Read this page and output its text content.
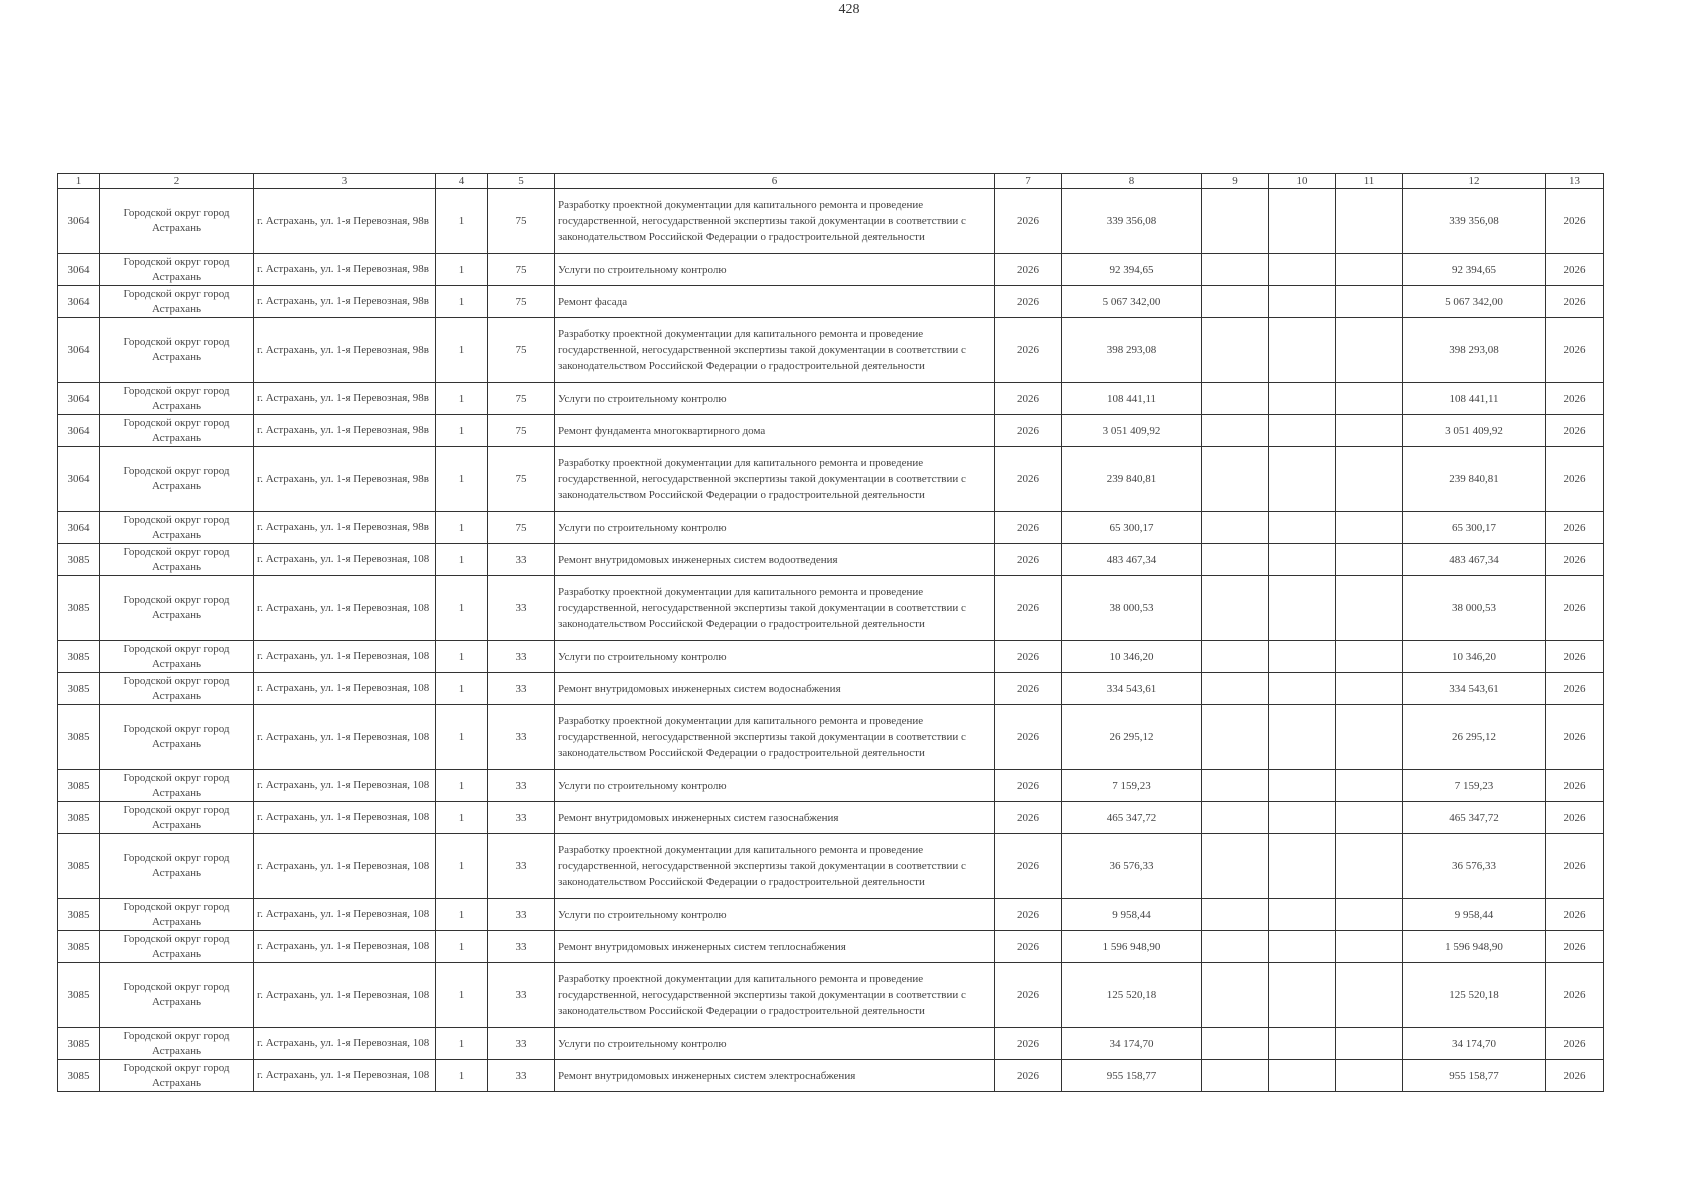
428
1	2	3	4	5	6	7	8	9	10	11	12	13
3064	Городской округ город Астрахань	г. Астрахань, ул. 1-я Перевозная, 98в	1	75	Разработку проектной документации для капитального ремонта и проведение государственной, негосударственной экспертизы такой документации в соответствии с законодательством Российской Федерации о градостроительной деятельности	2026	339 356,08				339 356,08	2026
3064	Городской округ город Астрахань	г. Астрахань, ул. 1-я Перевозная, 98в	1	75	Услуги по строительному контролю	2026	92 394,65				92 394,65	2026
3064	Городской округ город Астрахань	г. Астрахань, ул. 1-я Перевозная, 98в	1	75	Ремонт фасада	2026	5 067 342,00				5 067 342,00	2026
3064	Городской округ город Астрахань	г. Астрахань, ул. 1-я Перевозная, 98в	1	75	Разработку проектной документации для капитального ремонта и проведение государственной, негосударственной экспертизы такой документации в соответствии с законодательством Российской Федерации о градостроительной деятельности	2026	398 293,08				398 293,08	2026
3064	Городской округ город Астрахань	г. Астрахань, ул. 1-я Перевозная, 98в	1	75	Услуги по строительному контролю	2026	108 441,11				108 441,11	2026
3064	Городской округ город Астрахань	г. Астрахань, ул. 1-я Перевозная, 98в	1	75	Ремонт фундамента многоквартирного дома	2026	3 051 409,92				3 051 409,92	2026
3064	Городской округ город Астрахань	г. Астрахань, ул. 1-я Перевозная, 98в	1	75	Разработку проектной документации для капитального ремонта и проведение государственной, негосударственной экспертизы такой документации в соответствии с законодательством Российской Федерации о градостроительной деятельности	2026	239 840,81				239 840,81	2026
3064	Городской округ город Астрахань	г. Астрахань, ул. 1-я Перевозная, 98в	1	75	Услуги по строительному контролю	2026	65 300,17				65 300,17	2026
3085	Городской округ город Астрахань	г. Астрахань, ул. 1-я Перевозная, 108	1	33	Ремонт внутридомовых инженерных систем водоотведения	2026	483 467,34				483 467,34	2026
3085	Городской округ город Астрахань	г. Астрахань, ул. 1-я Перевозная, 108	1	33	Разработку проектной документации для капитального ремонта и проведение государственной, негосударственной экспертизы такой документации в соответствии с законодательством Российской Федерации о градостроительной деятельности	2026	38 000,53				38 000,53	2026
3085	Городской округ город Астрахань	г. Астрахань, ул. 1-я Перевозная, 108	1	33	Услуги по строительному контролю	2026	10 346,20				10 346,20	2026
3085	Городской округ город Астрахань	г. Астрахань, ул. 1-я Перевозная, 108	1	33	Ремонт внутридомовых инженерных систем водоснабжения	2026	334 543,61				334 543,61	2026
3085	Городской округ город Астрахань	г. Астрахань, ул. 1-я Перевозная, 108	1	33	Разработку проектной документации для капитального ремонта и проведение государственной, негосударственной экспертизы такой документации в соответствии с законодательством Российской Федерации о градостроительной деятельности	2026	26 295,12				26 295,12	2026
3085	Городской округ город Астрахань	г. Астрахань, ул. 1-я Перевозная, 108	1	33	Услуги по строительному контролю	2026	7 159,23				7 159,23	2026
3085	Городской округ город Астрахань	г. Астрахань, ул. 1-я Перевозная, 108	1	33	Ремонт внутридомовых инженерных систем газоснабжения	2026	465 347,72				465 347,72	2026
3085	Городской округ город Астрахань	г. Астрахань, ул. 1-я Перевозная, 108	1	33	Разработку проектной документации для капитального ремонта и проведение государственной, негосударственной экспертизы такой документации в соответствии с законодательством Российской Федерации о градостроительной деятельности	2026	36 576,33				36 576,33	2026
3085	Городской округ город Астрахань	г. Астрахань, ул. 1-я Перевозная, 108	1	33	Услуги по строительному контролю	2026	9 958,44				9 958,44	2026
3085	Городской округ город Астрахань	г. Астрахань, ул. 1-я Перевозная, 108	1	33	Ремонт внутридомовых инженерных систем теплоснабжения	2026	1 596 948,90				1 596 948,90	2026
3085	Городской округ город Астрахань	г. Астрахань, ул. 1-я Перевозная, 108	1	33	Разработку проектной документации для капитального ремонта и проведение государственной, негосударственной экспертизы такой документации в соответствии с законодательством Российской Федерации о градостроительной деятельности	2026	125 520,18				125 520,18	2026
3085	Городской округ город Астрахань	г. Астрахань, ул. 1-я Перевозная, 108	1	33	Услуги по строительному контролю	2026	34 174,70				34 174,70	2026
3085	Городской округ город Астрахань	г. Астрахань, ул. 1-я Перевозная, 108	1	33	Ремонт внутридомовых инженерных систем электроснабжения	2026	955 158,77				955 158,77	2026
